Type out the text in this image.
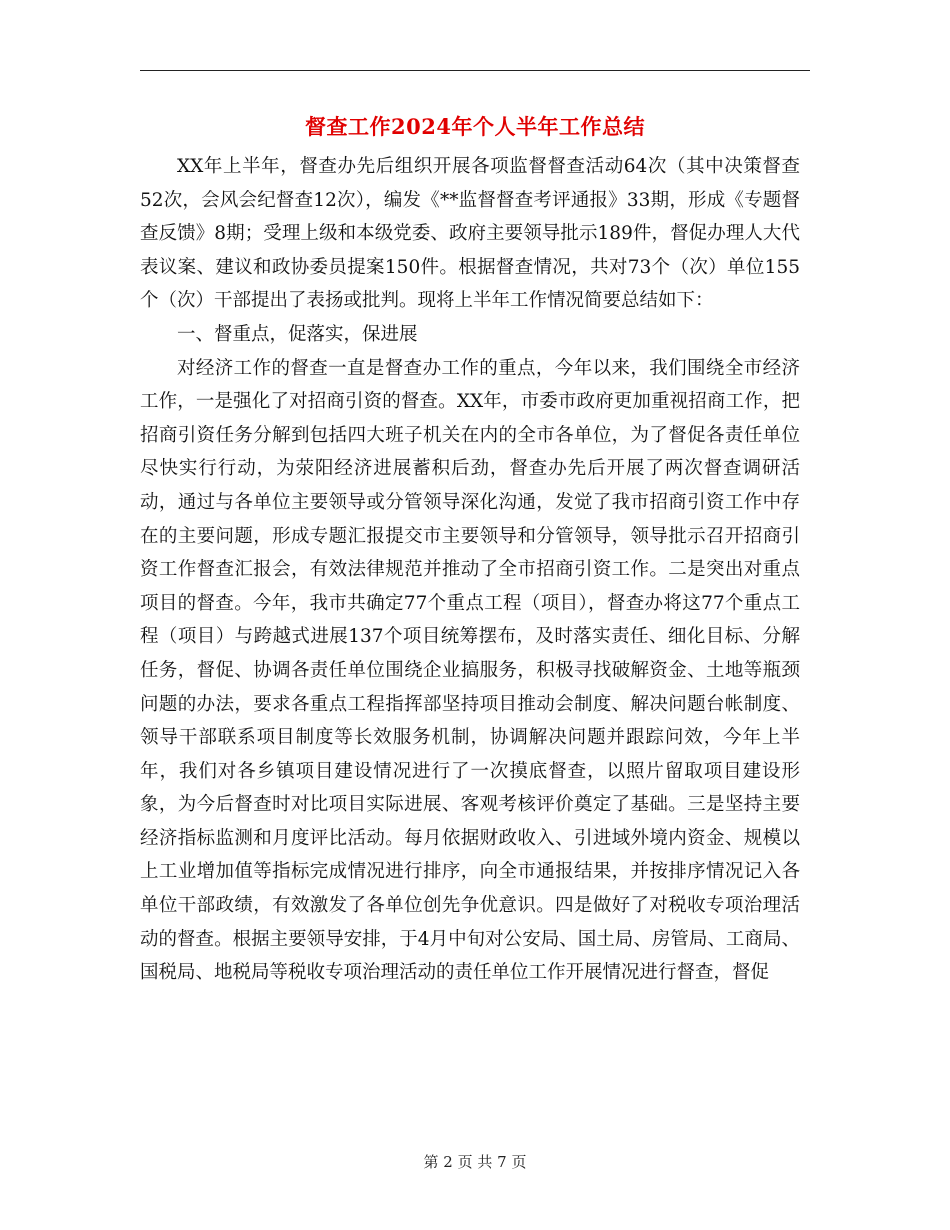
督查工作2024年个人半年工作总结

XX年上半年，督查办先后组织开展各项监督督查活动64次（其中决策督查52次，会风会纪督查12次），编发《**监督督查考评通报》33期，形成《专题督查反馈》8期；受理上级和本级党委、政府主要领导批示189件，督促办理人大代表议案、建议和政协委员提案150件。根据督查情况，共对73个（次）单位155个（次）干部提出了表扬或批判。现将上半年工作情况简要总结如下：

一、督重点，促落实，保进展

对经济工作的督查一直是督查办工作的重点，今年以来，我们围绕全市经济工作，一是强化了对招商引资的督查。XX年，市委市政府更加重视招商工作，把招商引资任务分解到包括四大班子机关在内的全市各单位，为了督促各责任单位尽快实行行动，为荥阳经济进展蓄积后劲，督查办先后开展了两次督查调研活动，通过与各单位主要领导或分管领导深化沟通，发觉了我市招商引资工作中存在的主要问题，形成专题汇报提交市主要领导和分管领导，领导批示召开招商引资工作督查汇报会，有效法律规范并推动了全市招商引资工作。二是突出对重点项目的督查。今年，我市共确定77个重点工程（项目），督查办将这77个重点工程（项目）与跨越式进展137个项目统筹摆布，及时落实责任、细化目标、分解任务，督促、协调各责任单位围绕企业搞服务，积极寻找破解资金、土地等瓶颈问题的办法，要求各重点工程指挥部坚持项目推动会制度、解决问题台帐制度、领导干部联系项目制度等长效服务机制，协调解决问题并跟踪问效，今年上半年，我们对各乡镇项目建设情况进行了一次摸底督查，以照片留取项目建设形象，为今后督查时对比项目实际进展、客观考核评价奠定了基础。三是坚持主要经济指标监测和月度评比活动。每月依据财政收入、引进域外境内资金、规模以上工业增加值等指标完成情况进行排序，向全市通报结果，并按排序情况记入各单位干部政绩，有效激发了各单位创先争优意识。四是做好了对税收专项治理活动的督查。根据主要领导安排，于4月中旬对公安局、国土局、房管局、工商局、国税局、地税局等税收专项治理活动的责任单位工作开展情况进行督查，督促

第 2 页 共 7 页
